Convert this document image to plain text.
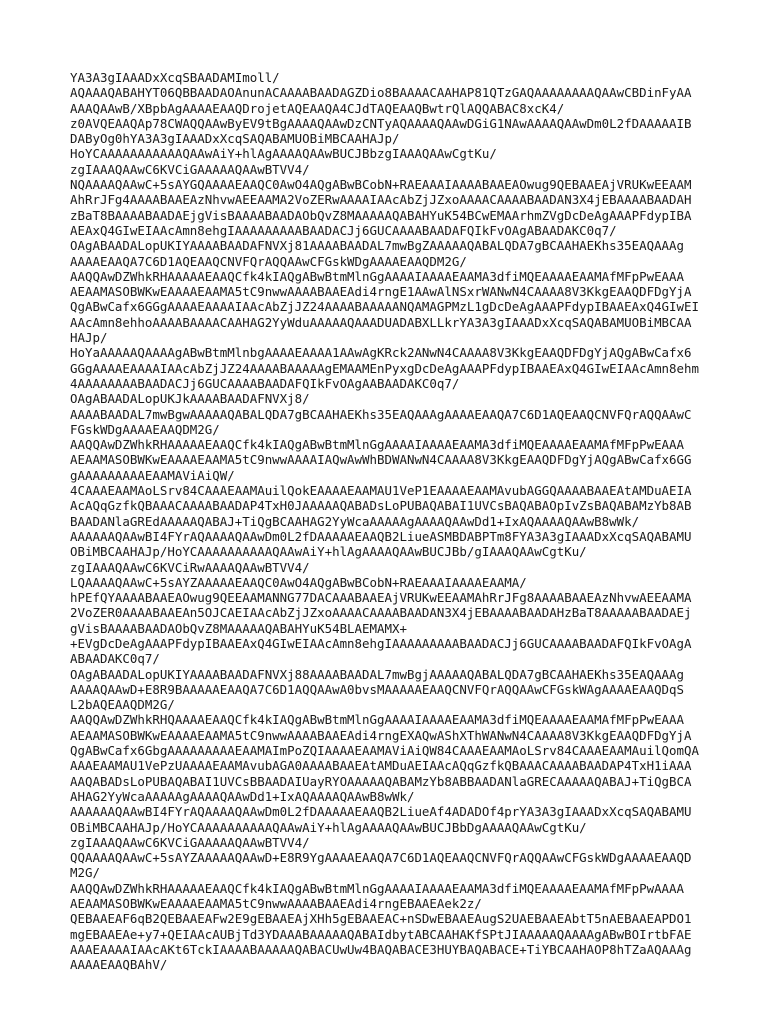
YA3A3gIAAADxXcqSBAADAMImoll/
AQAAAQABAHYT06QBBAADAOAnunACAAAABAADAGZDio8BAAAACAAHAP81QTzGAQAAAAAAAAQAAwCBDinFyAA
AAAQAAwB/XBpbAgAAAAEAAQDrojetAQEAAQA4CJdTAQEAAQBwtrQlAQQABAC8xcK4/
z0AVQEAAQAp78CWAQQAAwByEV9tBgAAAAQAAwDzCNTyAQAAAAQAAwDGiG1NAwAAAAQAAwDm0L2fDAAAAAIB
DAByOg0hYA3A3gIAAADxXcqSAQABAMUOBiMBCAAHAJp/
HoYCAAAAAAAAAAAQAAwAiY+hlAgAAAAQAAwBUCJBbzgIAAAQAAwCgtKu/
zgIAAAQAAwC6KVCiGAAAAAQAAwBTVV4/
NQAAAAQAAwC+5sAYGQAAAAEAAQC0AwO4AQgABwBCobN+RAEAAAIAAAABAAEAOwug9QEBAAEAjVRUKwEEAAM
AhRrJFg4AAAABAAEAzNhvwAEEAAMA2VoZERwAAAAIAAcAbZjJZxoAAAACAAAABAADAN3X4jEBAAAABAADAH
zBaT8BAAAABAADAEjgVisBAAAABAADAObQvZ8MAAAAAQABAHYuK54BCwEMAArhmZVgDcDeAgAAAPFdypIBA
AEAxQ4GIwEIAAcAmn8ehgIAAAAAAAAABAADACJj6GUCAAAABAADAFQIkFvOAgABAADAKC0q7/
OAgABAADALopUKIYAAAABAADAFNVXj81AAAABAADAL7mwBgZAAAAAQABALQDA7gBCAAHAEKhs35EAQAAAg
AAAAEAAQA7C6D1AQEAAQCNVFQrAQQAAwCFGskWDgAAAAEAAQDM2G/
AAQQAwDZWhkRHAAAAAEAAQCfk4kIAQgABwBtmMlnGgAAAAIAAAAEAAMA3dfiMQEAAAAEAAMAfMFpPwEAAA
AEAAMASOBWKwEAAAAEAAMA5tC9nwwAAAABAAEAdi4rngE1AAwAlNSxrWANwN4CAAAA8V3KkgEAAQDFDgYjA
QgABwCafx6GGgAAAAEAAAAIAAcAbZjJZ24AAAABAAAAANQAMAGPMzL1gDcDeAgAAAPFdypIBAAEAxQ4GIwEI
AAcAmn8ehhoAAAABAAAACAAHAG2YyWduAAAAAQAAADUADABXLLkrYA3A3gIAAADxXcqSAQABAMUOBiMBCAA
HAJp/
HoYaAAAAAQAAAAgABwBtmMlnbgAAAAEAAAA1AAwAgKRck2ANwN4CAAAA8V3KkgEAAQDFDgYjAQgABwCafx6
GGgAAAAEAAAAIAAcAbZjJZ24AAAABAAAAAgEMAAMEnPyxgDcDeAgAAAPFdypIBAAEAxQ4GIwEIAAcAmn8ehm
4AAAAAAAABAADACJj6GUCAAAABAADAFQIkFvOAgAABAADAKC0q7/
OAgABAADALopUKJkAAAABAADAFNVXj8/
AAAABAADAL7mwBgwAAAAAQABALQDA7gBCAAHAEKhs35EAQAAAgAAAAEAAQA7C6D1AQEAAQCNVFQrAQQAAwC
FGskWDgAAAAEAAQDM2G/
AAQQAwDZWhkRHAAAAAEAAQCfk4kIAQgABwBtmMlnGgAAAAIAAAAEAAMA3dfiMQEAAAAEAAMAfMFpPwEAAA
AEAAMASOBWKwEAAAAEAAMA5tC9nwwAAAAIAQwAwWhBDWANwN4CAAAA8V3KkgEAAQDFDgYjAQgABwCafx6GG
gAAAAAAAAAEAAMAViAiQW/
4CAAAEAAMAoLSrv84CAAAEAAMAuilQokEAAAAEAAMAU1VeP1EAAAAEAAMAvubAGGQAAAABAAEAtAMDuAEIA
AcAQqGzfkQBAAACAAAABAADAP4TxH0JAAAAAQABADsLoPUBAQABAI1UVCsBAQABAOpIvZsBAQABAMzYb8AB
BAADANlaGREdAAAAAQABAJ+TiQgBCAAHAG2YyWcaAAAAAgAAAAQAAwDd1+IxAQAAAAQAAwB8wWk/
AAAAAAQAAwBI4FYrAQAAAAQAAwDm0L2fDAAAAAEAAQB2LiueASMBDABPTm8FYA3A3gIAAADxXcqSAQABAMU
OBiMBCAAHAJp/HoYCAAAAAAAAAAQAAwAiY+hlAgAAAAQAAwBUCJBb/gIAAAQAAwCgtKu/
zgIAAAQAAwC6KVCiRwAAAAQAAwBTVV4/
LQAAAAQAAwC+5sAYZAAAAAEAAQC0AwO4AQgABwBCobN+RAEAAAIAAAAEAAMA/
hPEfQYAAAABAAEAOwug9QEEAAMANNG77DACAAABAAEAjVRUKwEEAAMAhRrJFg8AAAABAAEAzNhvwAEEAAMA
2VoZER0AAAABAAEAn5OJCAEIAAcAbZjJZxoAAAACAAAABAADAN3X4jEBAAAABAADAHzBaT8AAAAABAADAEj
gVisBAAAABAADAObQvZ8MAAAAAQABAHYuK54BLAEMAMX+
+EVgDcDeAgAAAPFdypIBAAEAxQ4GIwEIAAcAmn8ehgIAAAAAAAAABAADACJj6GUCAAAABAADAFQIkFvOAgA
ABAADAKC0q7/
OAgABAADALopUKIYAAAABAADAFNVXj88AAAABAADAL7mwBgjAAAAAQABALQDA7gBCAAHAEKhs35EAQAAAg
AAAAQAAwD+E8R9BAAAAAEAAQA7C6D1AQQAAwA0bvsMAAAAAEAAQCNVFQrAQQAAwCFGskWAgAAAAEAAQDqS
L2bAQEAAQDM2G/
AAQQAwDZWhkRHQAAAAEAAQCfk4kIAQgABwBtmMlnGgAAAAIAAAAEAAMA3dfiMQEAAAAEAAMAfMFpPwEAAA
AEAAMASOBWKwEAAAAEAAMA5tC9nwwAAAABAAEAdi4rngEXAQwAShXThWANwN4CAAAA8V3KkgEAAQDFDgYjA
QgABwCafx6GbgAAAAAAAAAEAAMAImPoZQIAAAAEAAMAViAiQW84CAAAEAAMAoLSrv84CAAAEAAMAuilQomQA
AAAEAAMAU1VePzUAAAAEAAMAvubAGA0AAAABAAEAtAMDuAEIAAcAQqGzfkQBAAACAAAABAADAP4TxH1iAAA
AAQABADsLoPUBAQABAI1UVCsBBAADAIUayRYOAAAAAQABAMzYb8ABBAADANlaGRECAAAAAQABAJ+TiQgBCA
AHAG2YyWcaAAAAAgAAAAQAAwDd1+IxAQAAAAQAAwB8wWk/
AAAAAAQAAwBI4FYrAQAAAAQAAwDm0L2fDAAAAAEAAQB2LiueAf4ADADOf4prYA3A3gIAAADxXcqSAQABAMU
OBiMBCAAHAJp/HoYCAAAAAAAAAAQAAwAiY+hlAgAAAAQAAwBUCJBbDgAAAAQAAwCgtKu/
zgIAAAQAAwC6KVCiGAAAAAQAAwBTVV4/
QQAAAAQAAwC+5sAYZAAAAAQAAwD+E8R9YgAAAAEAAQA7C6D1AQEAAQCNVFQrAQQAAwCFGskWDgAAAAEAAQD
M2G/
AAQQAwDZWhkRHAAAAAEAAQCfk4kIAQgABwBtmMlnGgAAAAIAAAAEAAMA3dfiMQEAAAAEAAMAfMFpPwAAAA
AEAAMASOBWKwEAAAAEAAMA5tC9nwwAAAABAAEAdi4rngEBAAEAek2z/
QEBAAEAF6qB2QEBAAEAFw2E9gEBAAEAjXHh5gEBAAEAC+nSDwEBAAEAugS2UAEBAAEAbtT5nAEBAAEAPDO1
mgEBAAEAe+y7+QEIAAcAUBjTd3YDAAABAAAAAQABAIdbytABCAAHAKfSPtJIAAAAAQAAAAgABwBOIrtbFAE
AAAEAAAAIAAcAKt6TckIAAAABAAAAAQABACUwUw4BAQABACE3HUYBAQABACE+TiYBCAAHAOP8hTZaAQAAAg
AAAAEAAQBAhV/
